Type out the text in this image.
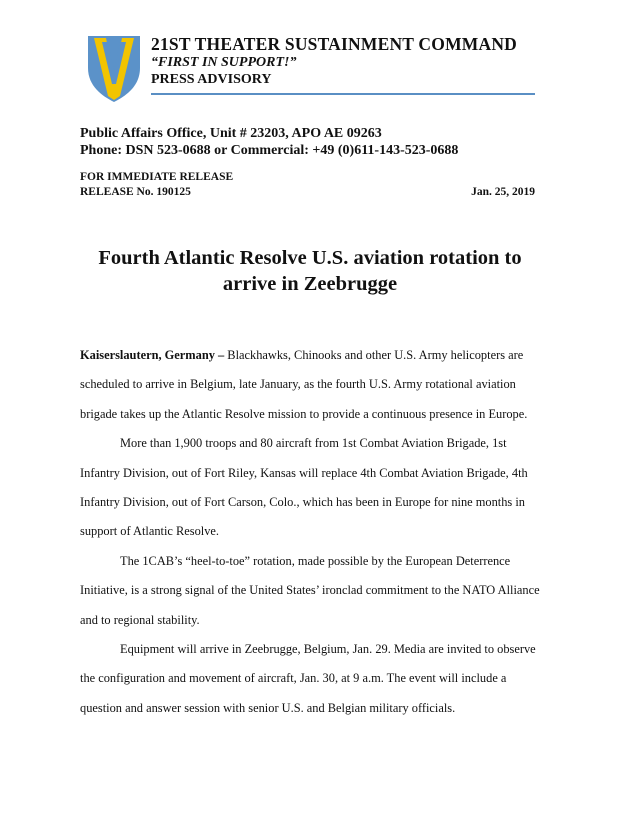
21ST THEATER SUSTAINMENT COMMAND
“FIRST IN SUPPORT!”
PRESS ADVISORY
Public Affairs Office, Unit # 23203, APO AE 09263
Phone: DSN 523-0688 or Commercial: +49 (0)611-143-523-0688
FOR IMMEDIATE RELEASE
RELEASE No. 190125	Jan. 25, 2019
Fourth Atlantic Resolve U.S. aviation rotation to
arrive in Zeebrugge

Kaiserslautern, Germany – Blackhawks, Chinooks and other U.S. Army helicopters are scheduled to arrive in Belgium, late January, as the fourth U.S. Army rotational aviation brigade takes up the Atlantic Resolve mission to provide a continuous presence in Europe.

More than 1,900 troops and 80 aircraft from 1st Combat Aviation Brigade, 1st Infantry Division, out of Fort Riley, Kansas will replace 4th Combat Aviation Brigade, 4th Infantry Division, out of Fort Carson, Colo., which has been in Europe for nine months in support of Atlantic Resolve.

The 1CAB’s “heel-to-toe” rotation, made possible by the European Deterrence Initiative, is a strong signal of the United States’ ironclad commitment to the NATO Alliance and to regional stability.

Equipment will arrive in Zeebrugge, Belgium, Jan. 29. Media are invited to observe the configuration and movement of aircraft, Jan. 30, at 9 a.m. The event will include a question and answer session with senior U.S. and Belgian military officials.
